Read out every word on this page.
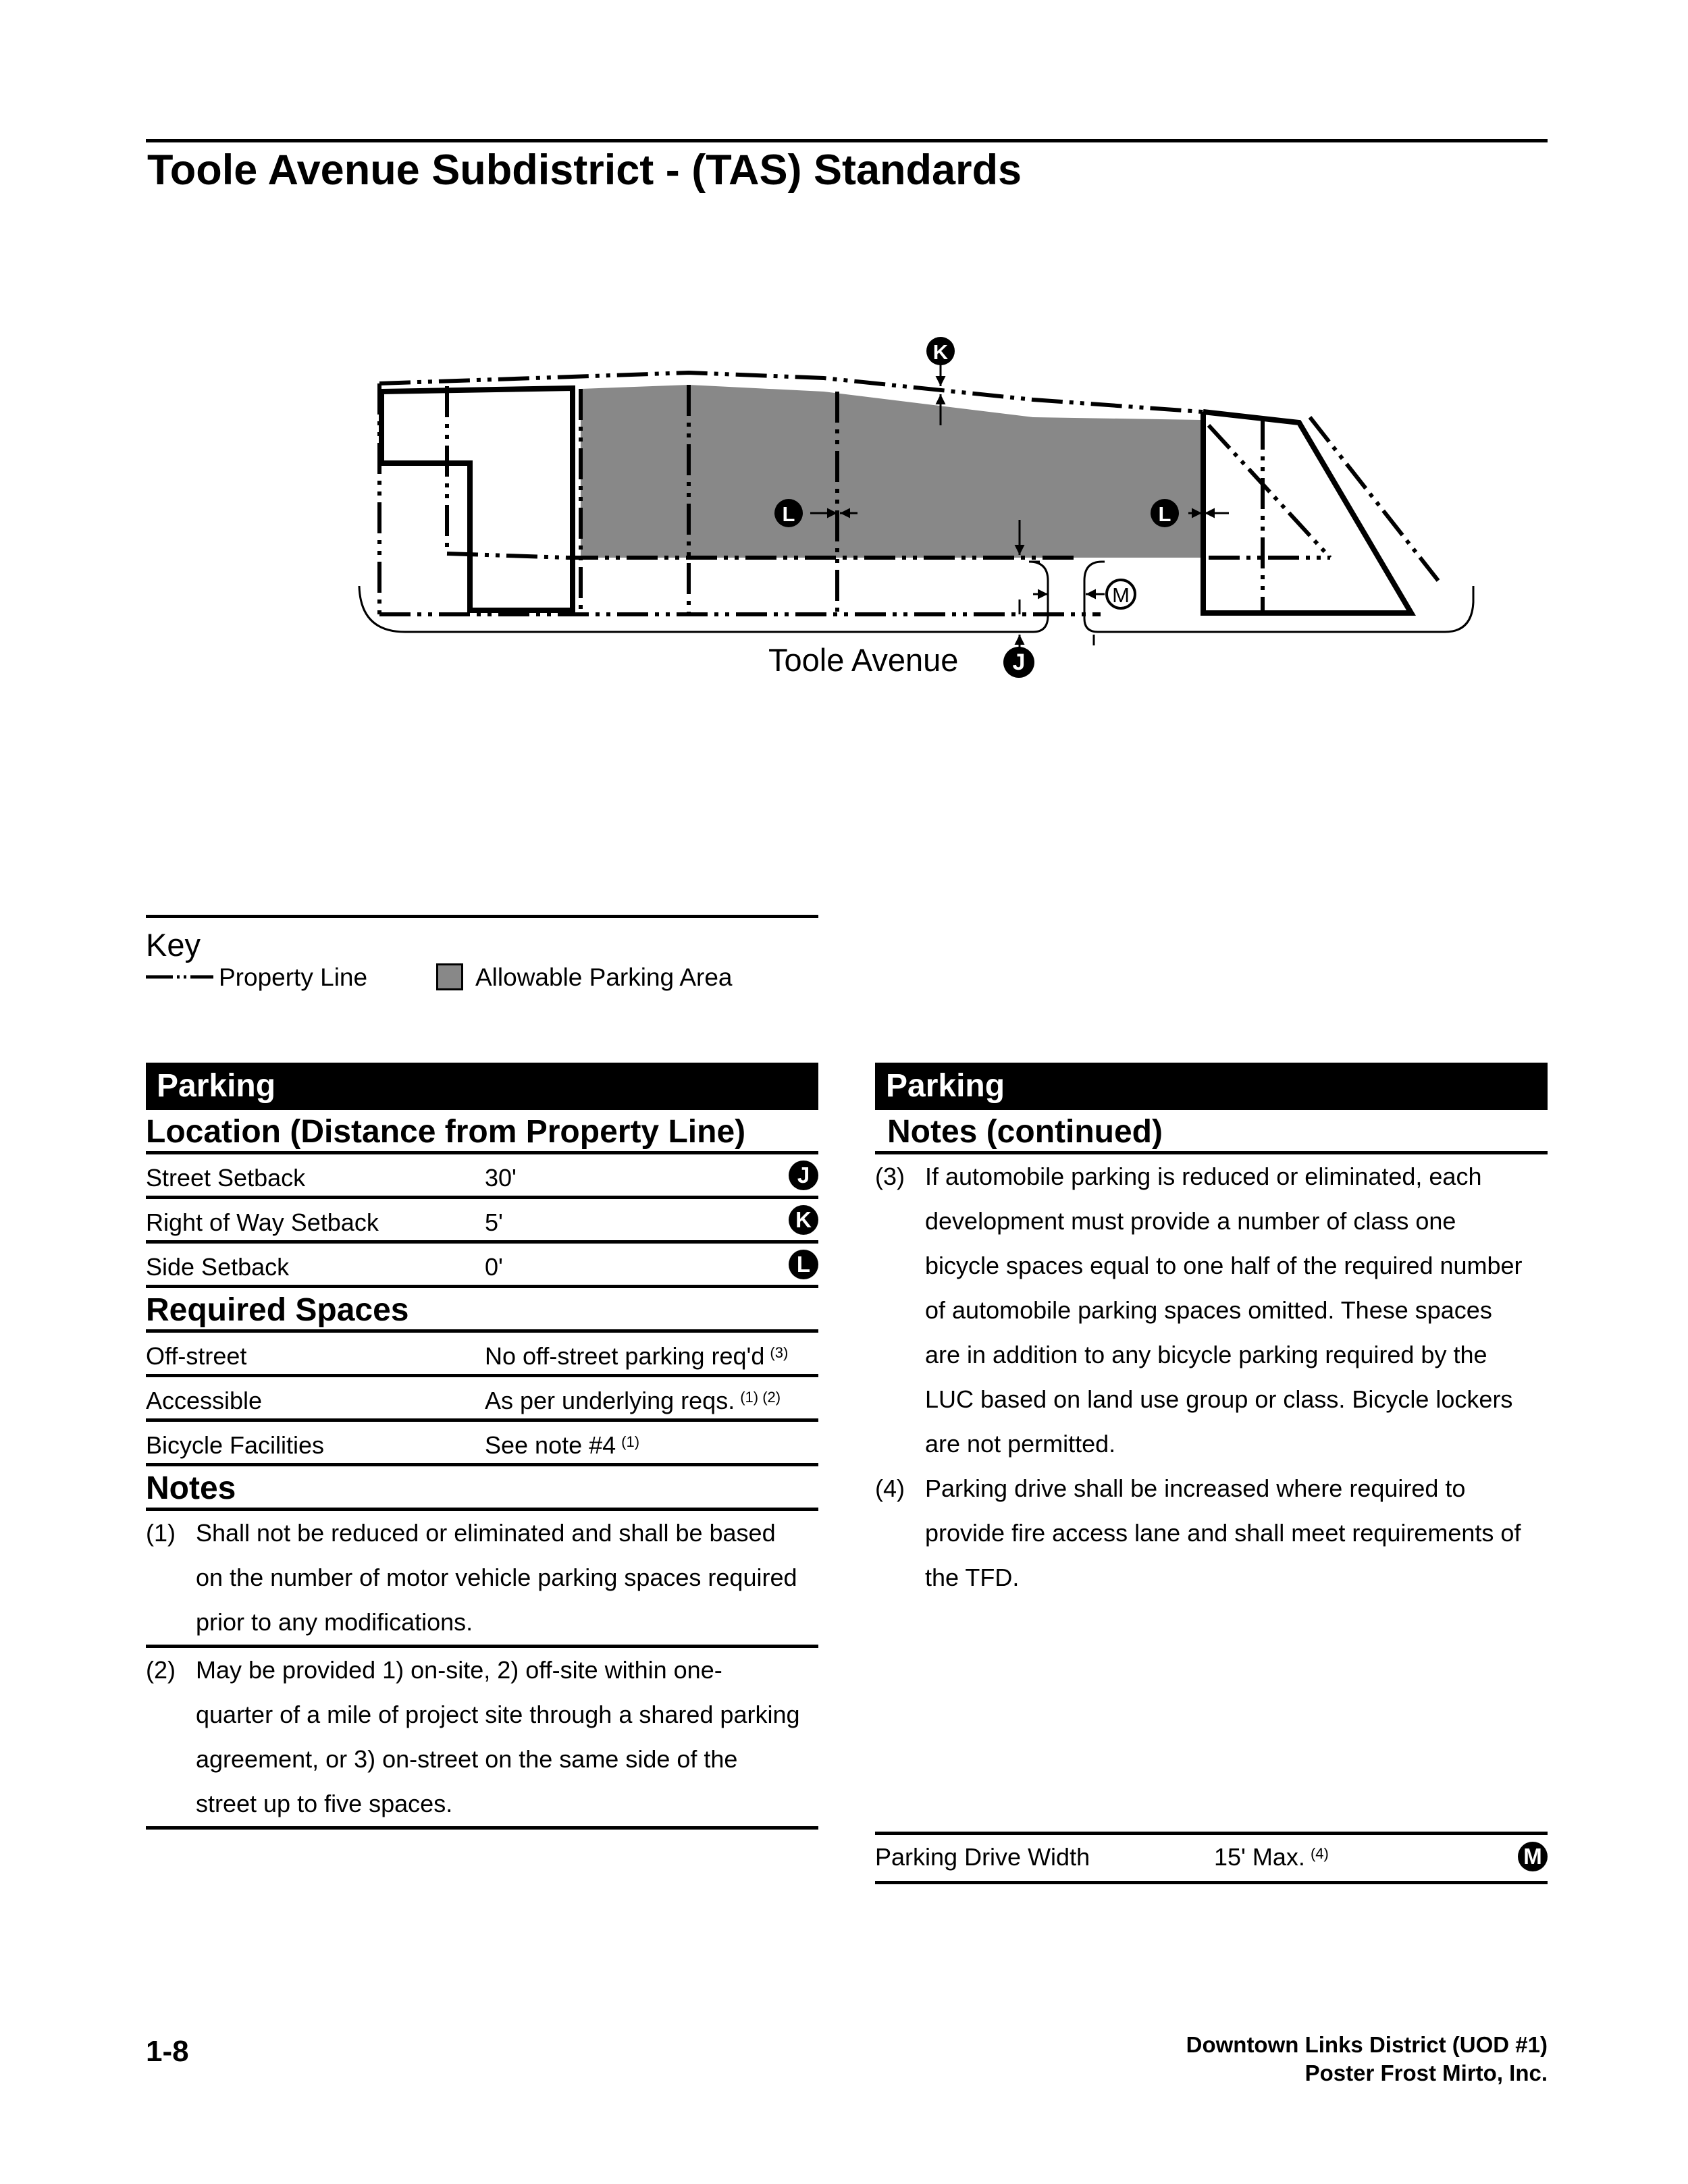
Toole Avenue Subdistrict - (TAS) Standards
K
L	L
M
Toole Avenue	J
Key
Property Line	Allowable Parking Area
Parking
Location (Distance from Property Line)
Street Setback	30'	J
Right of Way Setback	5'	K
Side Setback	0'	L
Required Spaces
Off-street	No off-street parking req'd $^{(3)}$
Accessible	As per underlying reqs. $^{(1) (2)}$
Bicycle Facilities	See note #4 $^{(1)}$
Notes
(1) Shall not be reduced or eliminated and shall be based
on the number of motor vehicle parking spaces required
prior to any modifications.
(2) May be provided 1) on-site, 2) off-site within one-
quarter of a mile of project site through a shared parking
agreement, or 3) on-street on the same side of the
street up to five spaces.
Parking
Notes (continued)
(3) If automobile parking is reduced or eliminated, each
development must provide a number of class one
bicycle spaces equal to one half of the required number
of automobile parking spaces omitted. These spaces
are in addition to any bicycle parking required by the
LUC based on land use group or class. Bicycle lockers
are not permitted.
(4) Parking drive shall be increased where required to
provide fire access lane and shall meet requirements of
the TFD.
Parking Drive Width	15' Max. $^{(4)}$	M
1-8	Downtown Links District (UOD #1)
Poster Frost Mirto, Inc.
